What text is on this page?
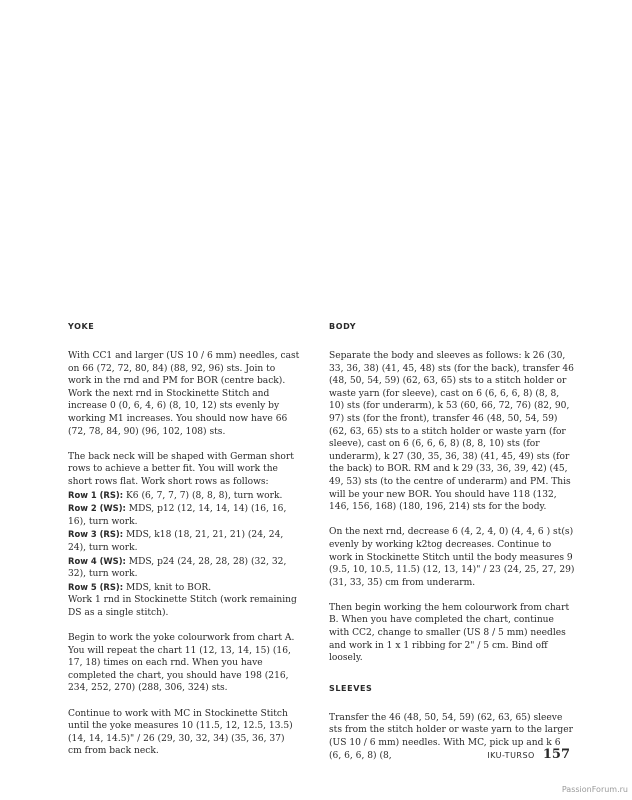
YOKE

With CC1 and larger (US 10 / 6 mm) needles, cast on 66 (72, 72, 80, 84) (88, 92, 96) sts. Join to work in the rnd and PM for BOR (centre back). Work the next rnd in Stockinette Stitch and increase 0 (0, 6, 4, 6) (8, 10, 12) sts evenly by working M1 increases. You should now have 66 (72, 78, 84, 90) (96, 102, 108) sts.

The back neck will be shaped with German short rows to achieve a better fit. You will work the short rows flat. Work short rows as follows:
Row 1 (RS): K6 (6, 7, 7, 7) (8, 8, 8), turn work.
Row 2 (WS): MDS, p12 (12, 14, 14, 14) (16, 16, 16), turn work.
Row 3 (RS): MDS, k18 (18, 21, 21, 21) (24, 24, 24), turn work.
Row 4 (WS): MDS, p24 (24, 28, 28, 28) (32, 32, 32), turn work.
Row 5 (RS): MDS, knit to BOR.
Work 1 rnd in Stockinette Stitch (work remaining DS as a single stitch).

Begin to work the yoke colourwork from chart A. You will repeat the chart 11 (12, 13, 14, 15) (16, 17, 18) times on each rnd. When you have completed the chart, you should have 198 (216, 234, 252, 270) (288, 306, 324) sts.

Continue to work with MC in Stockinette Stitch until the yoke measures 10 (11.5, 12, 12.5, 13.5) (14, 14, 14.5)" / 26 (29, 30, 32, 34) (35, 36, 37) cm from back neck.

BODY

Separate the body and sleeves as follows: k 26 (30, 33, 36, 38) (41, 45, 48) sts (for the back), transfer 46 (48, 50, 54, 59) (62, 63, 65) sts to a stitch holder or waste yarn (for sleeve), cast on 6 (6, 6, 6, 8) (8, 8, 10) sts (for underarm), k 53 (60, 66, 72, 76) (82, 90, 97) sts (for the front), transfer 46 (48, 50, 54, 59) (62, 63, 65) sts to a stitch holder or waste yarn (for sleeve), cast on 6 (6, 6, 6, 8) (8, 8, 10) sts (for underarm), k 27 (30, 35, 36, 38) (41, 45, 49) sts (for the back) to BOR. RM and k 29 (33, 36, 39, 42) (45, 49, 53) sts (to the centre of underarm) and PM. This will be your new BOR. You should have 118 (132, 146, 156, 168) (180, 196, 214) sts for the body.

On the next rnd, decrease 6 (4, 2, 4, 0) (4, 4, 6 ) st(s) evenly by working k2tog decreases. Continue to work in Stockinette Stitch until the body measures 9 (9.5, 10, 10.5, 11.5) (12, 13, 14)" / 23 (24, 25, 27, 29) (31, 33, 35) cm from underarm.

Then begin working the hem colourwork from chart B. When you have completed the chart, continue with CC2, change to smaller (US 8 / 5 mm) needles and work in 1 x 1 ribbing for 2" / 5 cm. Bind off loosely.

SLEEVES

Transfer the 46 (48, 50, 54, 59) (62, 63, 65) sleeve sts from the stitch holder or waste yarn to the larger (US 10 / 6 mm) needles. With MC, pick up and k 6 (6, 6, 6, 8) (8,	IKU-TURSO 157
PassionForum.ru
